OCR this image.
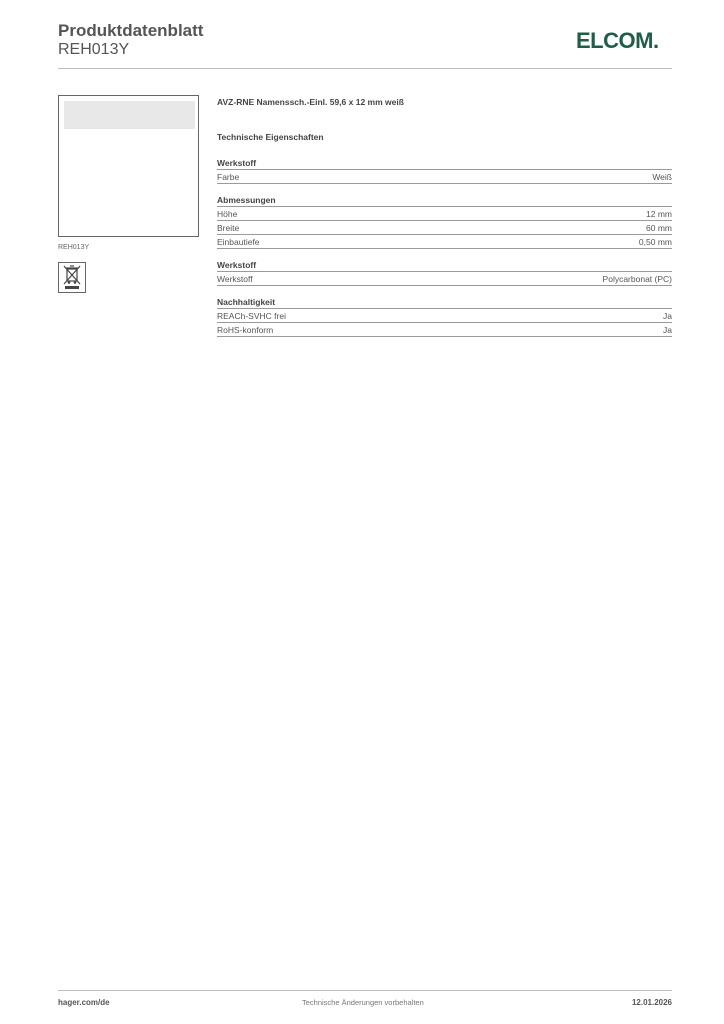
Produktdatenblatt
REH013Y	ELCOM.
REH013Y
AVZ-RNE Namenssch.-Einl. 59,6 x 12 mm weiß
Technische Eigenschaften
Werkstoff
Farbe	Weiß
Abmessungen
Höhe	12 mm
Breite	60 mm
Einbautiefe	0,50 mm
Werkstoff
Werkstoff	Polycarbonat (PC)
Nachhaltigkeit
REACh-SVHC frei	Ja
RoHS-konform	Ja
hager.com/de	Technische Änderungen vorbehalten	12.01.2026
